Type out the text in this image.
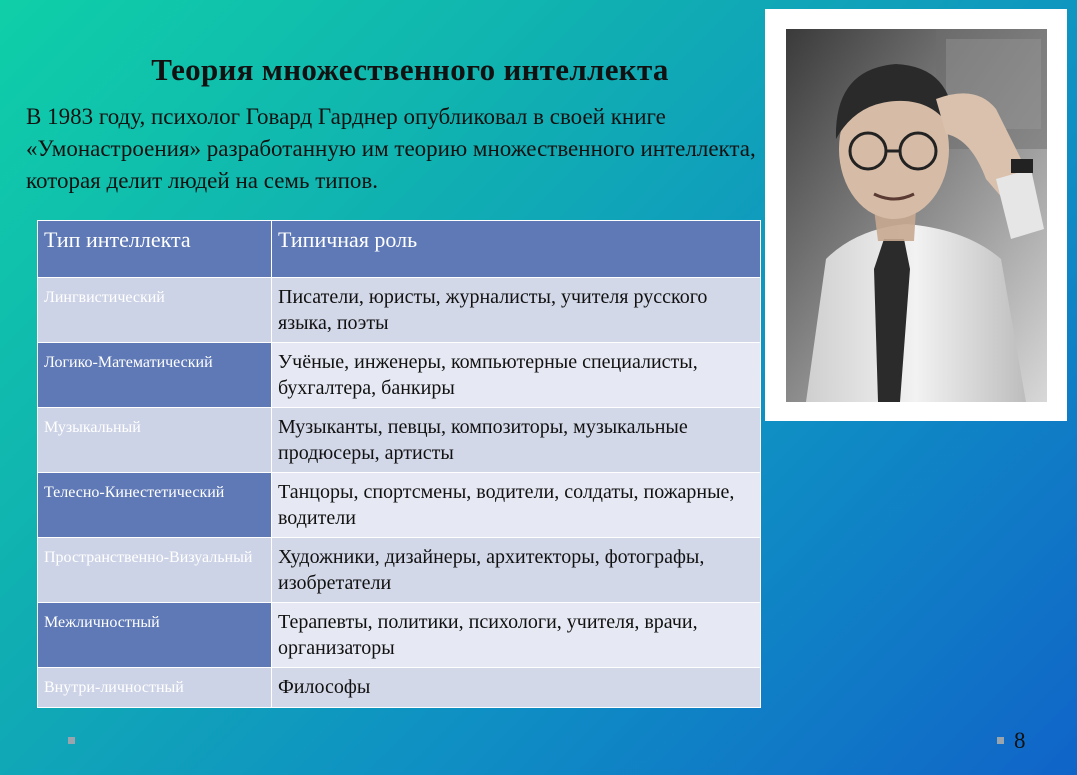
Теория множественного интеллекта
В 1983 году, психолог Говард Гарднер опубликовал в своей книге «Умонастроения» разработанную им теорию множественного интеллекта, которая делит людей на семь типов.
Тип интеллекта	Типичная роль
Лингвистический	Писатели, юристы, журналисты, учителя русского языка, поэты
Логико-Математический	Учёные, инженеры, компьютерные специалисты, бухгалтера, банкиры
Музыкальный	Музыканты, певцы, композиторы, музыкальные продюсеры, артисты
Телесно-Кинестетический	Танцоры, спортсмены, водители, солдаты, пожарные, водители
Пространственно-Визуальный	Художники, дизайнеры, архитекторы, фотографы, изобретатели
Межличностный	Терапевты, политики, психологи, учителя, врачи, организаторы
Внутри-личностный	Философы
8
